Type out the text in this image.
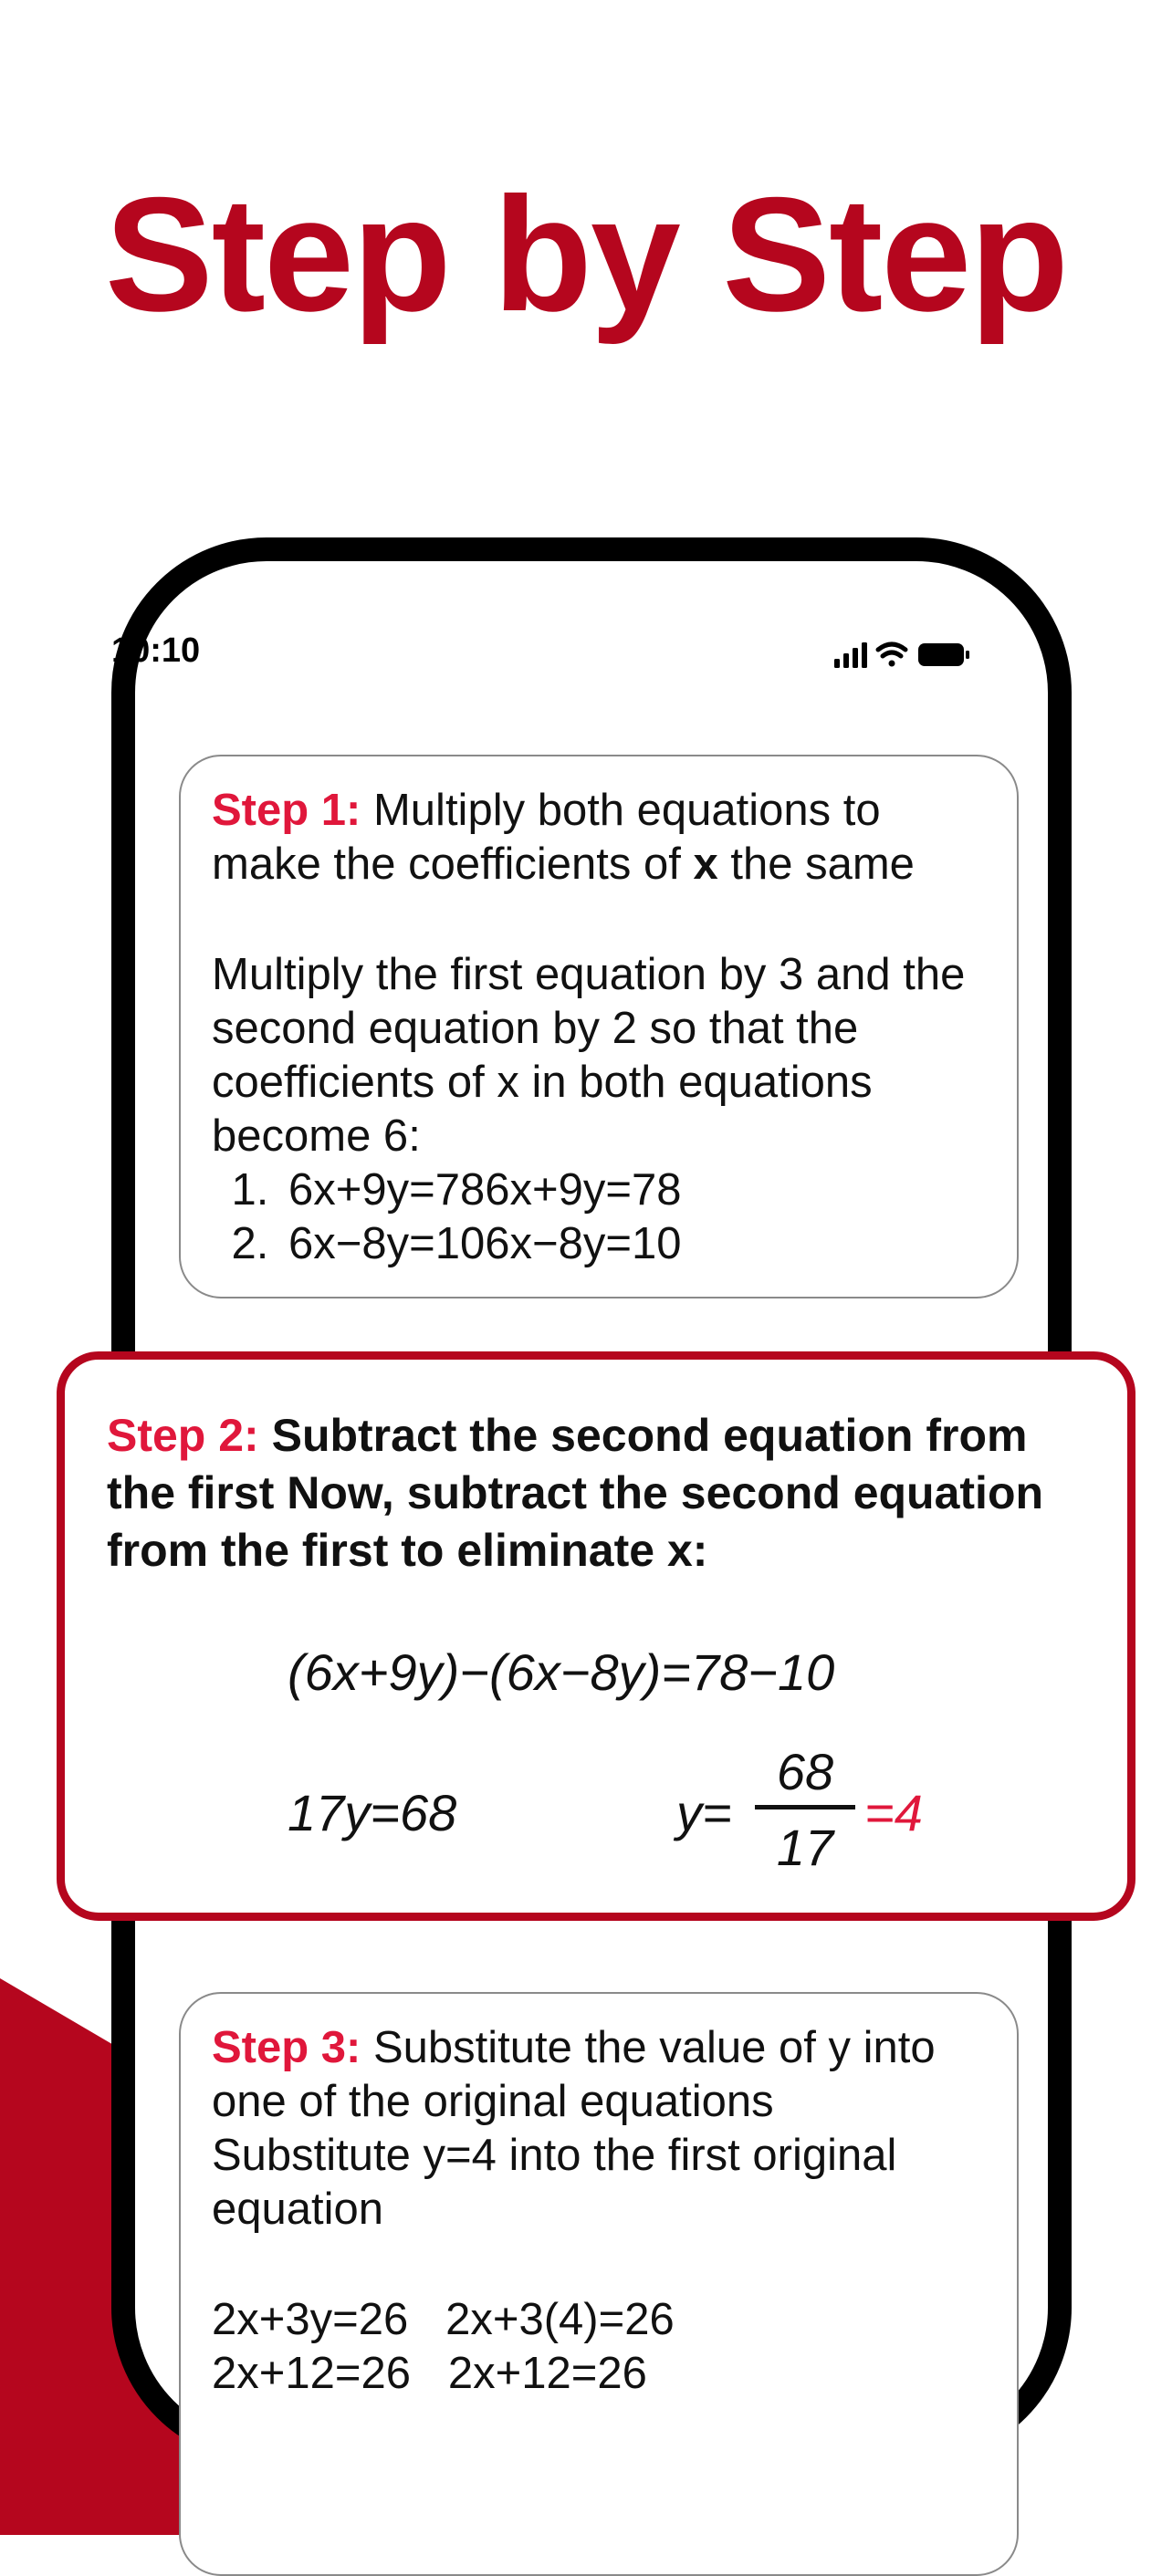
Step by Step
10:10

Step 1: Multiply both equations to make the coefficients of x the same

Multiply the first equation by 3 and the second equation by 2 so that the coefficients of x in both equations become 6:

1. 6x+9y=786x+9y=78
2. 6x−8y=106x−8y=10

Step 3: Substitute the value of y into one of the original equations Substitute y=4 into the first original equation

2x+3y=26   2x+3(4)=26
2x+12=26   2x+12=26

Step 2: Subtract the second equation from the first Now, subtract the second equation from the first to eliminate x:

(6x+9y)−(6x−8y)=78−10
17y=68	y=
68
17
=4
